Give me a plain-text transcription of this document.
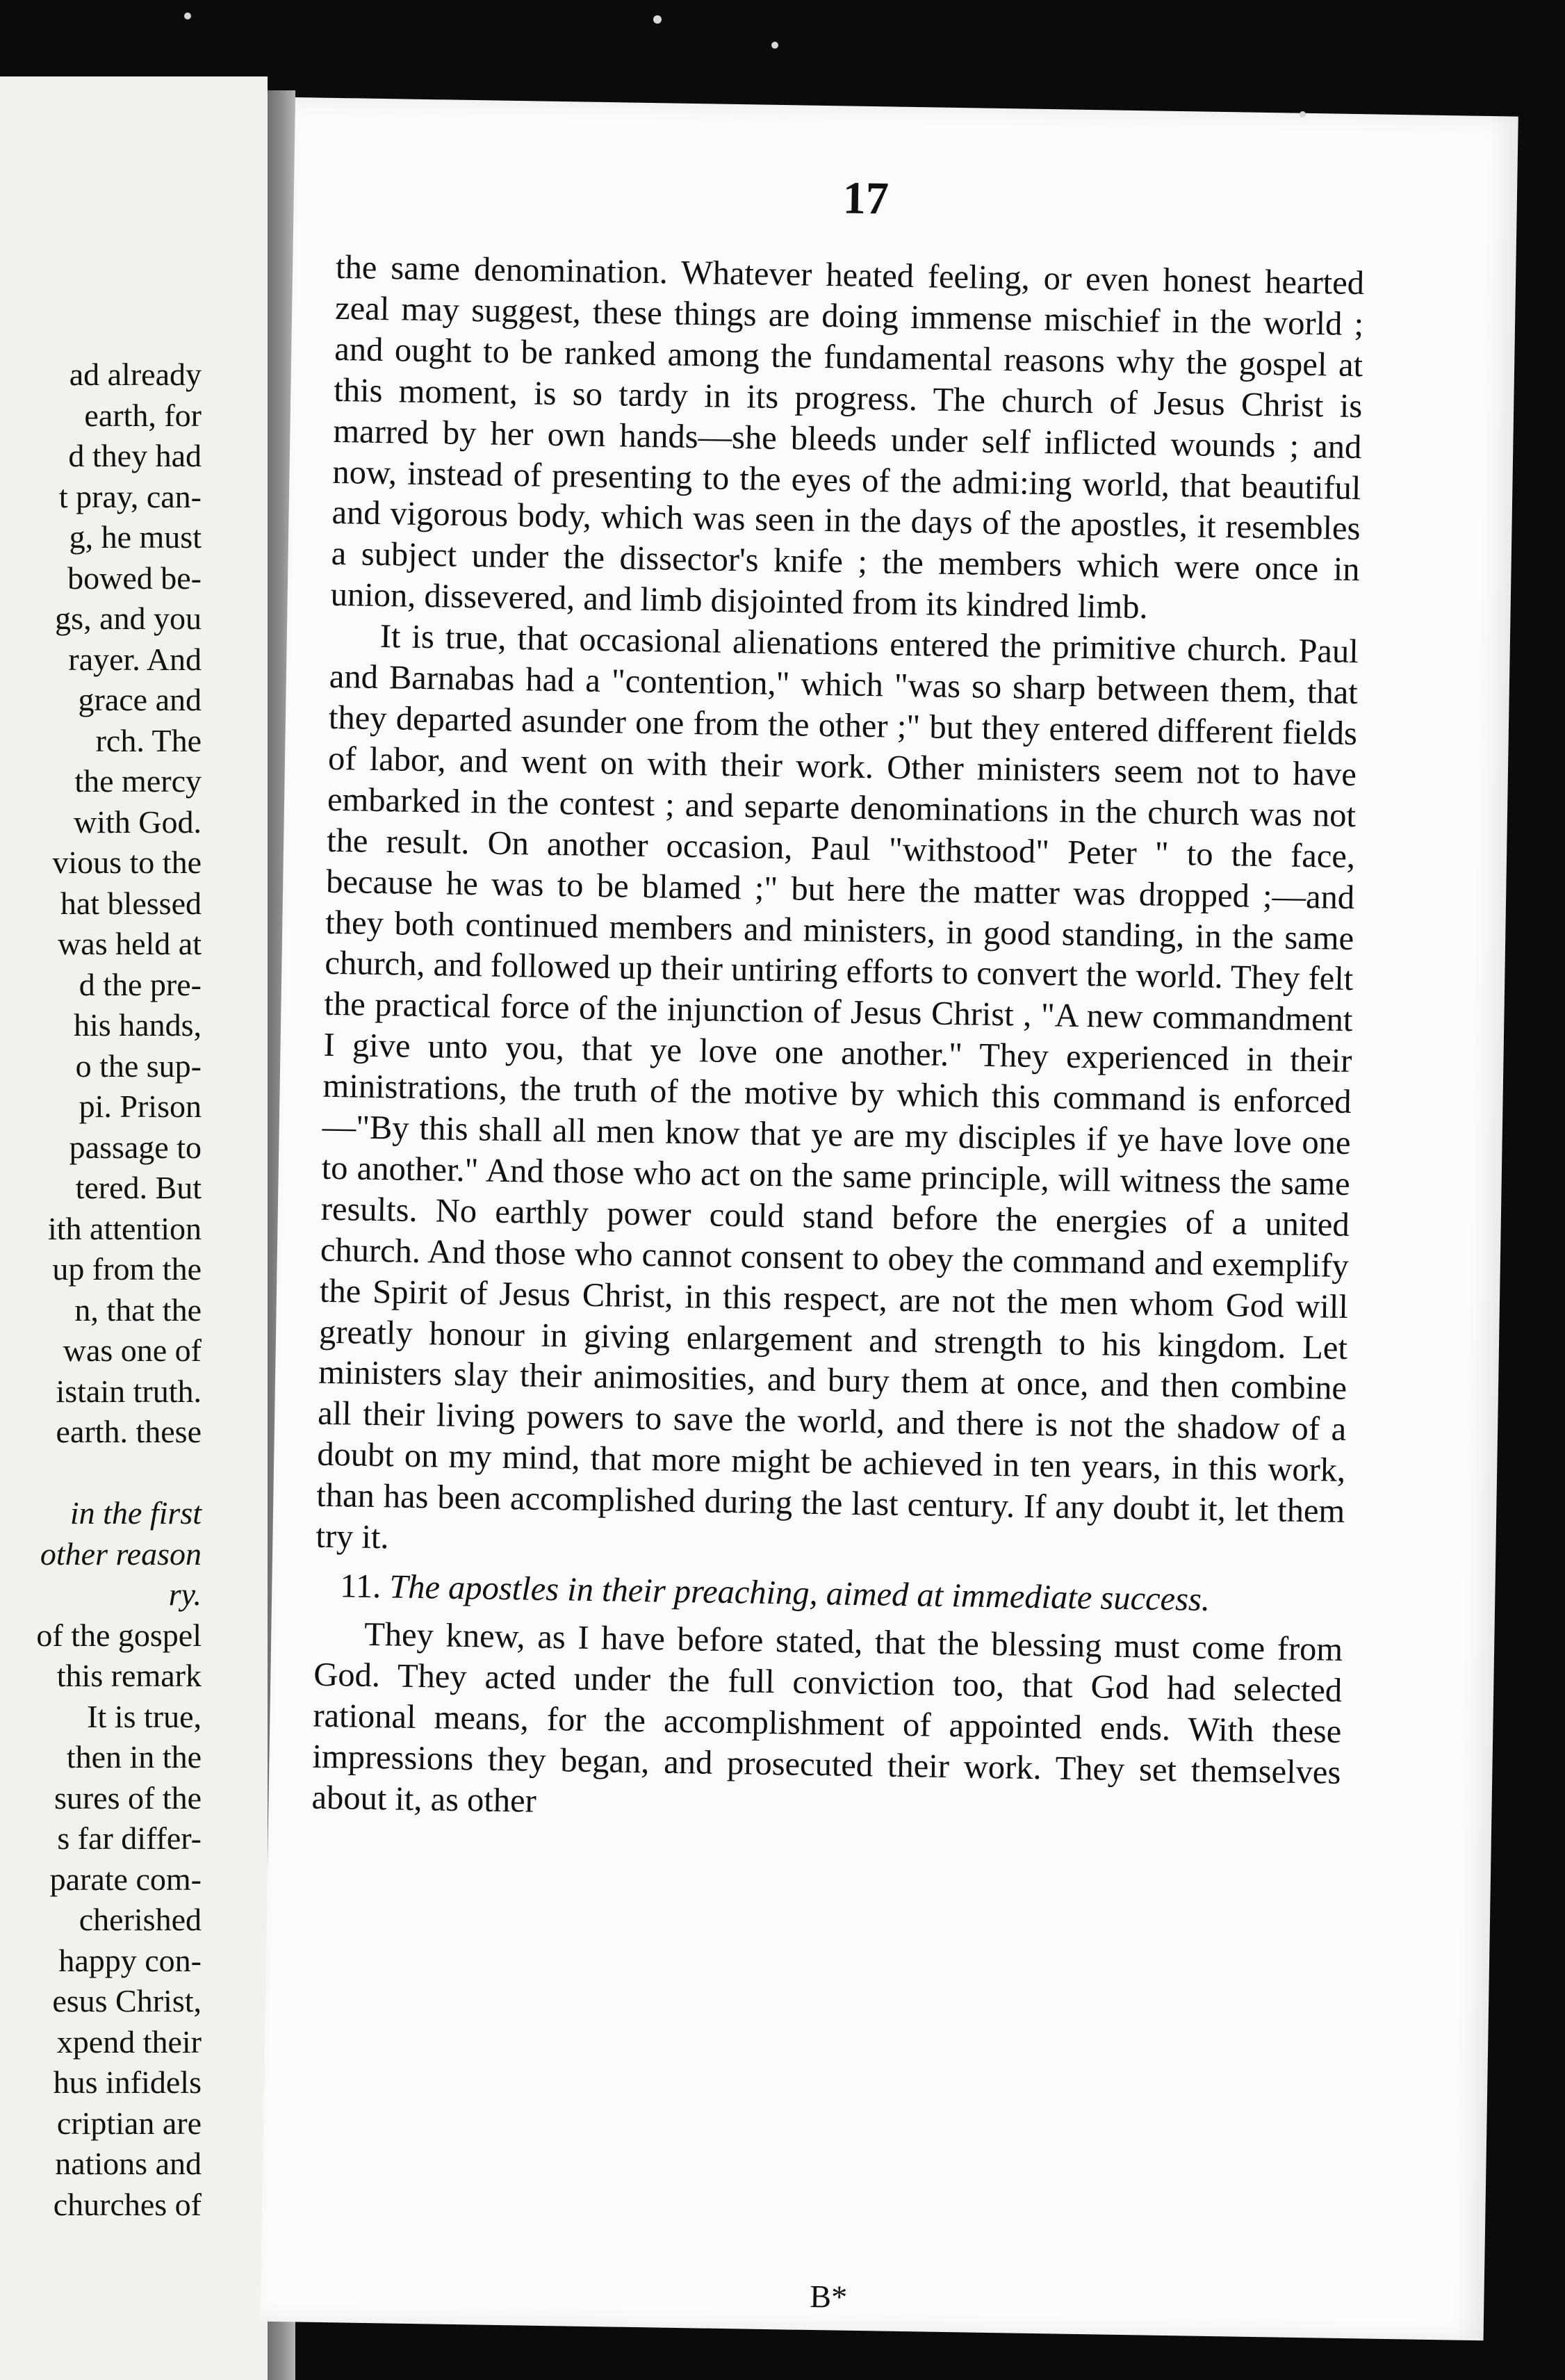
ad already
earth, for
d they had
t pray, can-
g, he must
bowed be-
gs, and you
rayer. And
grace and
rch. The
the mercy
with God.
vious to the
hat blessed
was held at
d the pre-
his hands,
o the sup-
pi. Prison
passage to
tered. But
ith attention
up from the
n, that the
was one of
istain truth.
earth. these
in the first
other reason
ry.
of the gospel
this remark
It is true,
then in the
sures of the
s far differ-
parate com-
cherished
happy con-
esus Christ,
xpend their
hus infidels
criptian are
nations and
churches of
17

the same denomination. Whatever heated feeling, or even honest hearted zeal may suggest, these things are doing immense mischief in the world ; and ought to be ranked among the fundamental reasons why the gospel at this moment, is so tardy in its progress. The church of Jesus Christ is marred by her own hands—she bleeds under self inflicted wounds ; and now, instead of presenting to the eyes of the admi:ing world, that beautiful and vigorous body, which was seen in the days of the apostles, it resembles a subject under the dissector's knife ; the members which were once in union, dissevered, and limb disjointed from its kindred limb.

It is true, that occasional alienations entered the primitive church. Paul and Barnabas had a "contention," which "was so sharp between them, that they departed asunder one from the other ;" but they entered different fields of labor, and went on with their work. Other ministers seem not to have embarked in the contest ; and separte denominations in the church was not the result. On another occasion, Paul "withstood" Peter " to the face, because he was to be blamed ;" but here the matter was dropped ;—and they both continued members and ministers, in good standing, in the same church, and followed up their untiring efforts to convert the world. They felt the practical force of the injunction of Jesus Christ , "A new commandment I give unto you, that ye love one another." They experienced in their ministrations, the truth of the motive by which this command is enforced—"By this shall all men know that ye are my disciples if ye have love one to another." And those who act on the same principle, will witness the same results. No earthly power could stand before the energies of a united church. And those who cannot consent to obey the command and exemplify the Spirit of Jesus Christ, in this respect, are not the men whom God will greatly honour in giving enlargement and strength to his kingdom. Let ministers slay their animosities, and bury them at once, and then combine all their living powers to save the world, and there is not the shadow of a doubt on my mind, that more might be achieved in ten years, in this work, than has been accomplished during the last century. If any doubt it, let them try it.

11. The apostles in their preaching, aimed at immediate success.

They knew, as I have before stated, that the blessing must come from God. They acted under the full conviction too, that God had selected rational means, for the accomplishment of appointed ends. With these impressions they began, and prosecuted their work. They set themselves about it, as other

B*
